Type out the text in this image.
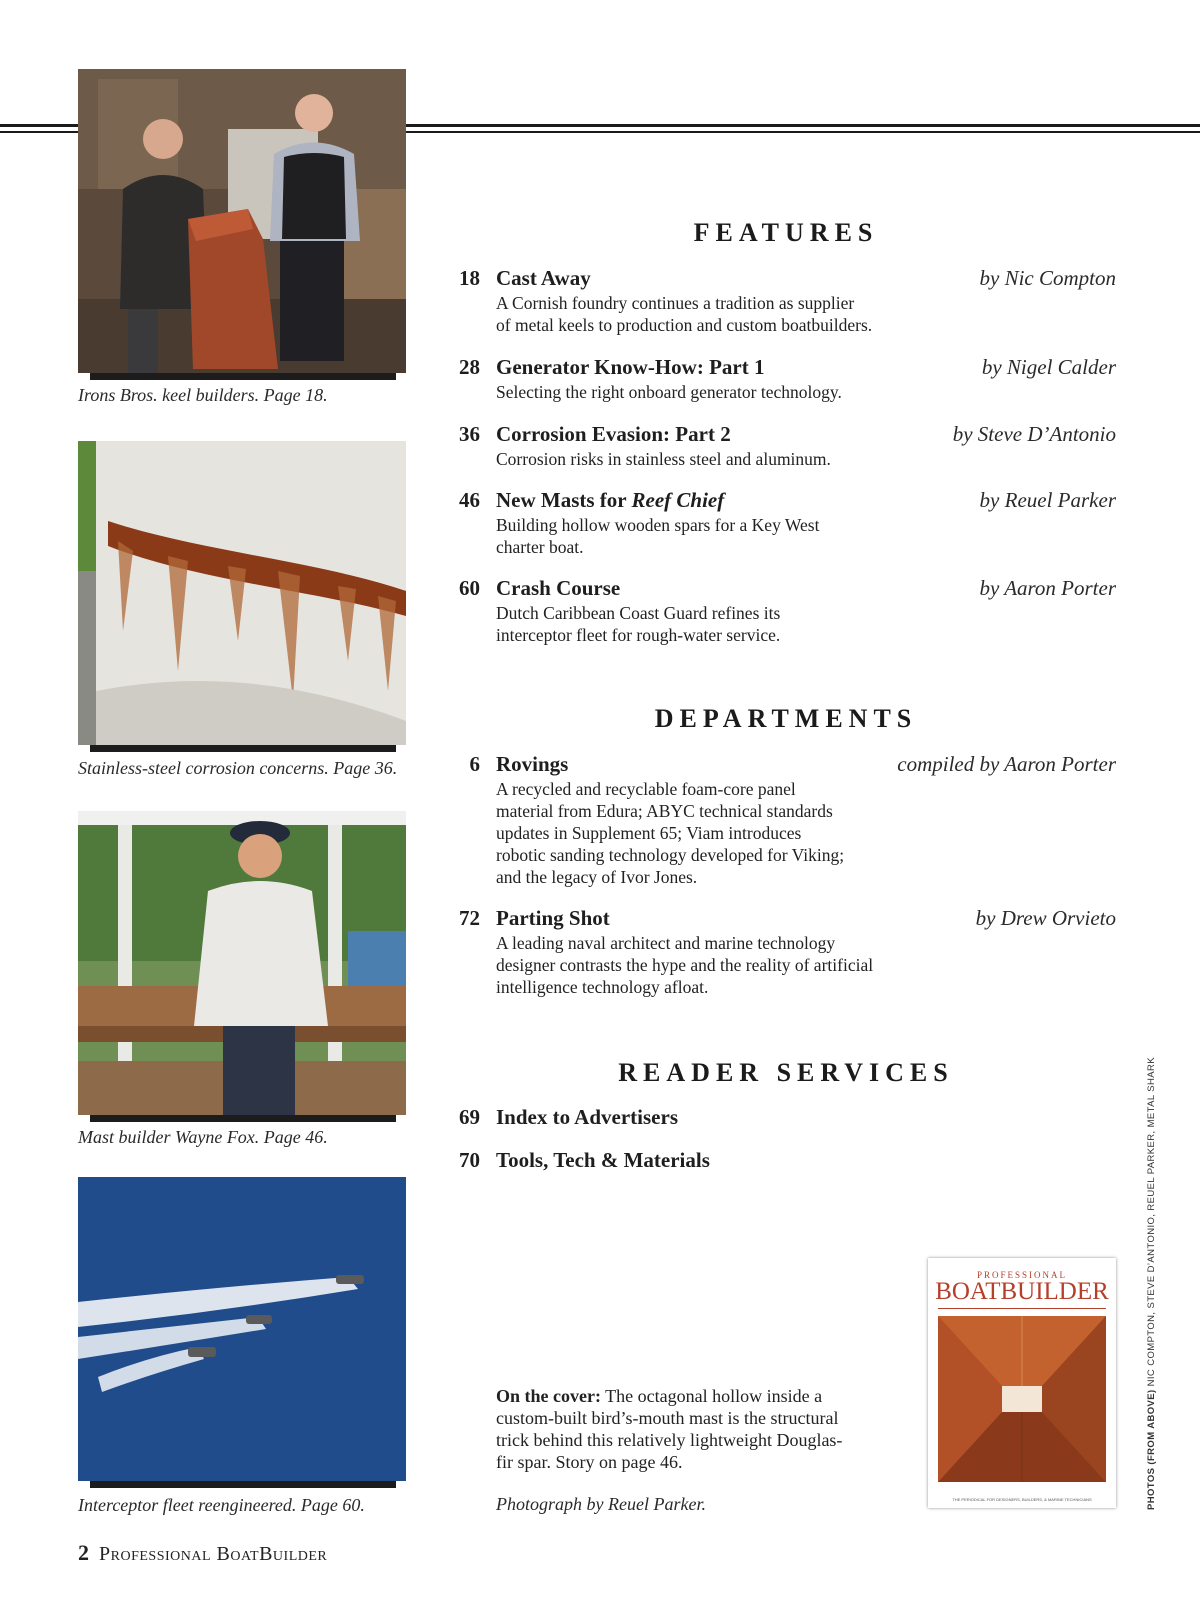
Irons Bros. keel builders. Page 18.
Stainless-steel corrosion concerns. Page 36.
Mast builder Wayne Fox. Page 46.
Interceptor fleet reengineered. Page 60.
FEATURES
18 Cast Away	by Nic Compton
A Cornish foundry continues a tradition as supplier
of metal keels to production and custom boatbuilders.
28 Generator Know-How: Part 1	by Nigel Calder
Selecting the right onboard generator technology.
36 Corrosion Evasion: Part 2	by Steve D’Antonio
Corrosion risks in stainless steel and aluminum.
46 New Masts for Reef Chief	by Reuel Parker
Building hollow wooden spars for a Key West
charter boat.
60 Crash Course	by Aaron Porter
Dutch Caribbean Coast Guard refines its
interceptor fleet for rough-water service.
DEPARTMENTS
6 Rovings	compiled by Aaron Porter
A recycled and recyclable foam-core panel
material from Edura; ABYC technical standards
updates in Supplement 65; Viam introduces
robotic sanding technology developed for Viking;
and the legacy of Ivor Jones.
72 Parting Shot	by Drew Orvieto
A leading naval architect and marine technology
designer contrasts the hype and the reality of artificial
intelligence technology afloat.
READER SERVICES
69 Index to Advertisers
70 Tools, Tech & Materials
On the cover: The octagonal hollow inside a
custom-built bird’s-mouth mast is the structural
trick behind this relatively lightweight Douglas-
fir spar. Story on page 46.
Photograph by Reuel Parker.
PROFESSIONAL
BOATBUILDER
THE PERIODICAL FOR DESIGNERS, BUILDERS, & MARINE TECHNICIANS	PHOTOS (FROM ABOVE) NIC COMPTON, STEVE D’ANTONIO, REUEL PARKER, METAL SHARK
2 Professional BoatBuilder
